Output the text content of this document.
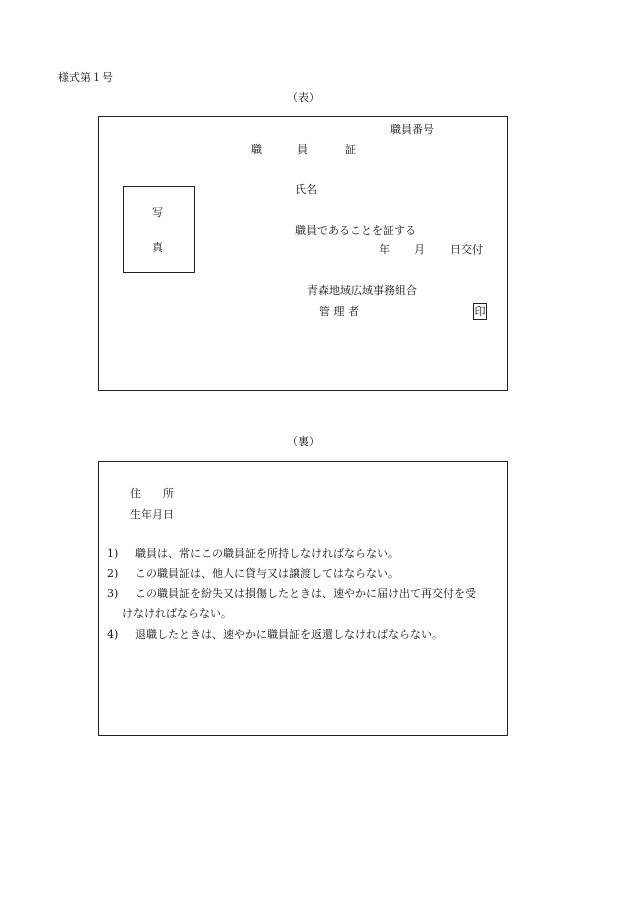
様式第１号
（表）
職員番号
職	員	証
写
真
氏名
職員であることを証する
年 月 日交付
青森地域広域事務組合
管 理 者	印
（裏）
住　　所
生年月日
1) 職員は、常にこの職員証を所持しなければならない。
2) この職員証は、他人に貸与又は譲渡してはならない。
3) この職員証を紛失又は損傷したときは、速やかに届け出て再交付を受
けなければならない。
4) 退職したときは、速やかに職員証を返還しなければならない。
